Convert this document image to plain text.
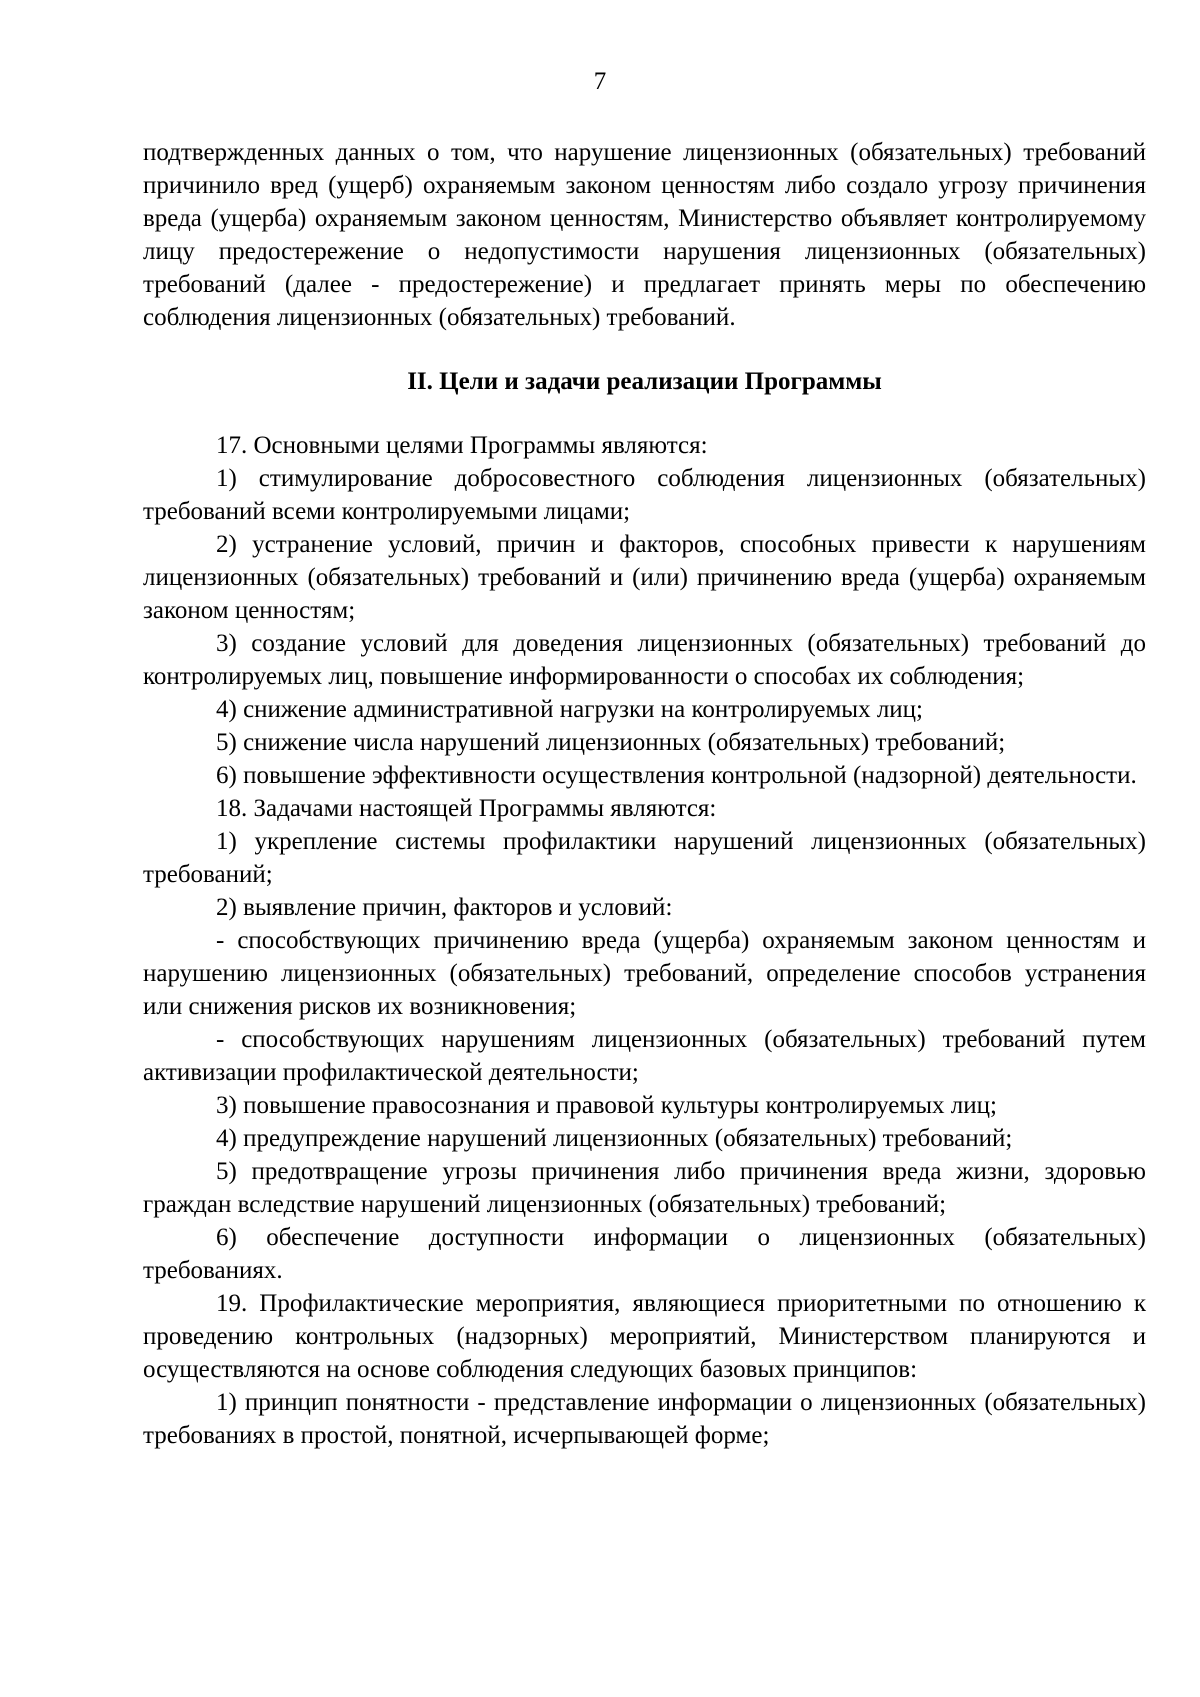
7

подтвержденных данных о том, что нарушение лицензионных (обязательных) требований причинило вред (ущерб) охраняемым законом ценностям либо создало угрозу причинения вреда (ущерба) охраняемым законом ценностям, Министерство объявляет контролируемому лицу предостережение о недопустимости нарушения лицензионных (обязательных) требований (далее - предостережение) и предлагает принять меры по обеспечению соблюдения лицензионных (обязательных) требований.

II. Цели и задачи реализации Программы

17. Основными целями Программы являются:

1) стимулирование добросовестного соблюдения лицензионных (обязательных) требований всеми контролируемыми лицами;

2) устранение условий, причин и факторов, способных привести к нарушениям лицензионных (обязательных) требований и (или) причинению вреда (ущерба) охраняемым законом ценностям;

3) создание условий для доведения лицензионных (обязательных) требований до контролируемых лиц, повышение информированности о способах их соблюдения;

4) снижение административной нагрузки на контролируемых лиц;

5) снижение числа нарушений лицензионных (обязательных) требований;

6) повышение эффективности осуществления контрольной (надзорной) деятельности.

18. Задачами настоящей Программы являются:

1) укрепление системы профилактики нарушений лицензионных (обязательных) требований;

2) выявление причин, факторов и условий:

- способствующих причинению вреда (ущерба) охраняемым законом ценностям и нарушению лицензионных (обязательных) требований, определение способов устранения или снижения рисков их возникновения;

- способствующих нарушениям лицензионных (обязательных) требований путем активизации профилактической деятельности;

3) повышение правосознания и правовой культуры контролируемых лиц;

4) предупреждение нарушений лицензионных (обязательных) требований;

5) предотвращение угрозы причинения либо причинения вреда жизни, здоровью граждан вследствие нарушений лицензионных (обязательных) требований;

6) обеспечение доступности информации о лицензионных (обязательных) требованиях.

19. Профилактические мероприятия, являющиеся приоритетными по отношению к проведению контрольных (надзорных) мероприятий, Министерством планируются и осуществляются на основе соблюдения следующих базовых принципов:

1) принцип понятности - представление информации о лицензионных (обязательных) требованиях в простой, понятной, исчерпывающей форме;
